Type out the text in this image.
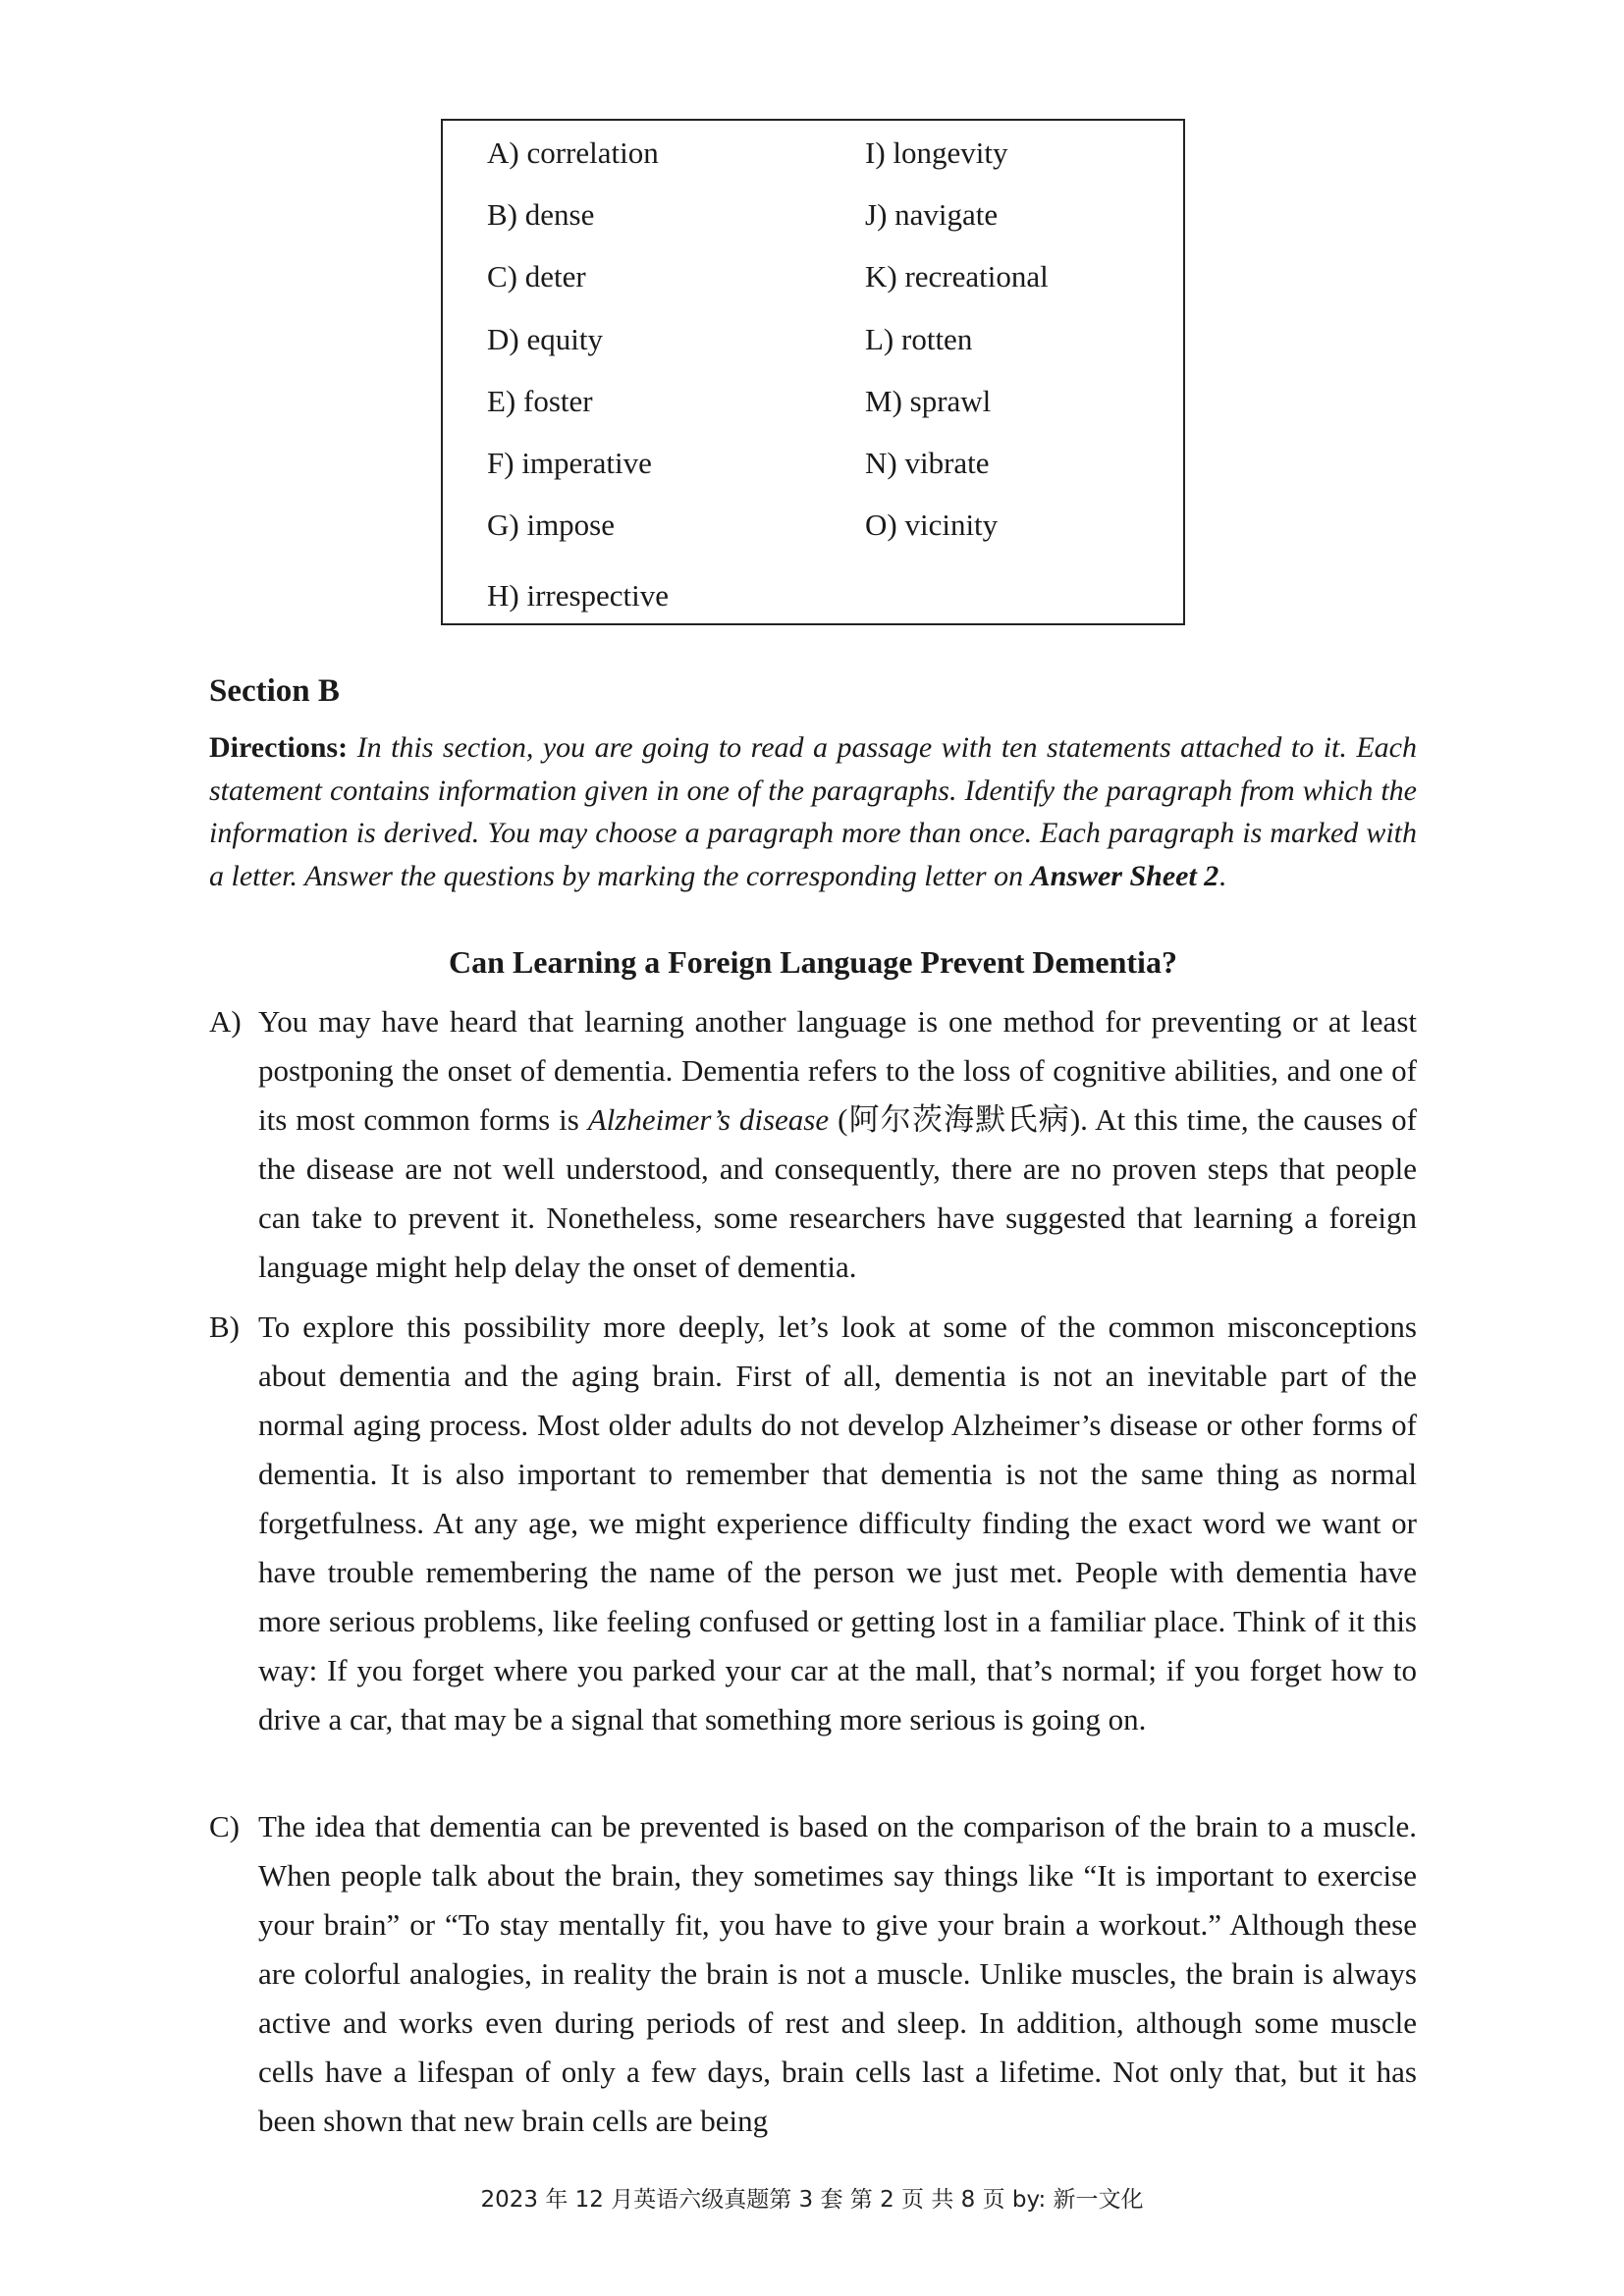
A) correlation
B) dense
C) deter
D) equity
E) foster
F) imperative
G) impose
H) irrespective
I) longevity
J) navigate
K) recreational
L) rotten
M) sprawl
N) vibrate
O) vicinity
Section B
Directions: In this section, you are going to read a passage with ten statements attached to it. Each statement contains information given in one of the paragraphs. Identify the paragraph from which the information is derived. You may choose a paragraph more than once. Each paragraph is marked with a letter. Answer the questions by marking the corresponding letter on Answer Sheet 2.
Can Learning a Foreign Language Prevent Dementia?
A) You may have heard that learning another language is one method for preventing or at least postponing the onset of dementia. Dementia refers to the loss of cognitive abilities, and one of its most common forms is Alzheimer’s disease (阿尔茨海默氏病). At this time, the causes of the disease are not well understood, and consequently, there are no proven steps that people can take to prevent it. Nonetheless, some researchers have suggested that learning a foreign language might help delay the onset of dementia.
B) To explore this possibility more deeply, let’s look at some of the common misconceptions about dementia and the aging brain. First of all, dementia is not an inevitable part of the normal aging process. Most older adults do not develop Alzheimer’s disease or other forms of dementia. It is also important to remember that dementia is not the same thing as normal forgetfulness. At any age, we might experience difficulty finding the exact word we want or have trouble remembering the name of the person we just met. People with dementia have more serious problems, like feeling confused or getting lost in a familiar place. Think of it this way: If you forget where you parked your car at the mall, that’s normal; if you forget how to drive a car, that may be a signal that something more serious is going on.
C) The idea that dementia can be prevented is based on the comparison of the brain to a muscle. When people talk about the brain, they sometimes say things like “It is important to exercise your brain” or “To stay mentally fit, you have to give your brain a workout.” Although these are colorful analogies, in reality the brain is not a muscle. Unlike muscles, the brain is always active and works even during periods of rest and sleep. In addition, although some muscle cells have a lifespan of only a few days, brain cells last a lifetime. Not only that, but it has been shown that new brain cells are being
2023 年 12 月英语六级真题第 3 套 第 2 页 共 8 页 by: 新一文化
